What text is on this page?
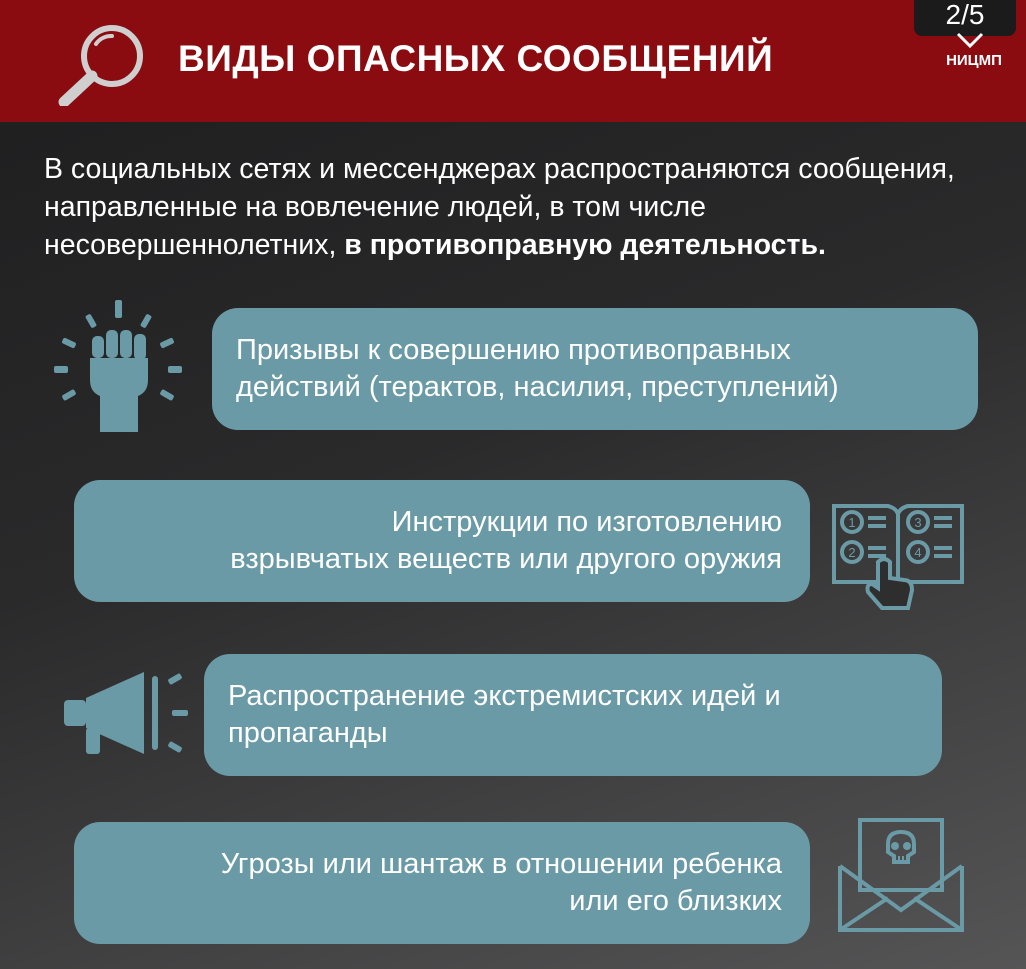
ВИДЫ ОПАСНЫХ СООБЩЕНИЙ
2/5
НИЦМП
В социальных сетях и мессенджерах распространяются сообщения, направленные на вовлечение людей, в том числе несовершеннолетних, в противоправную деятельность.
Призывы к совершению противоправных
действий (терактов, насилия, преступлений)
Инструкции по изготовлению
взрывчатых веществ или другого оружия
1
2
3
4
Распространение экстремистских идей и
пропаганды
Угрозы или шантаж в отношении ребенка
или его близких
